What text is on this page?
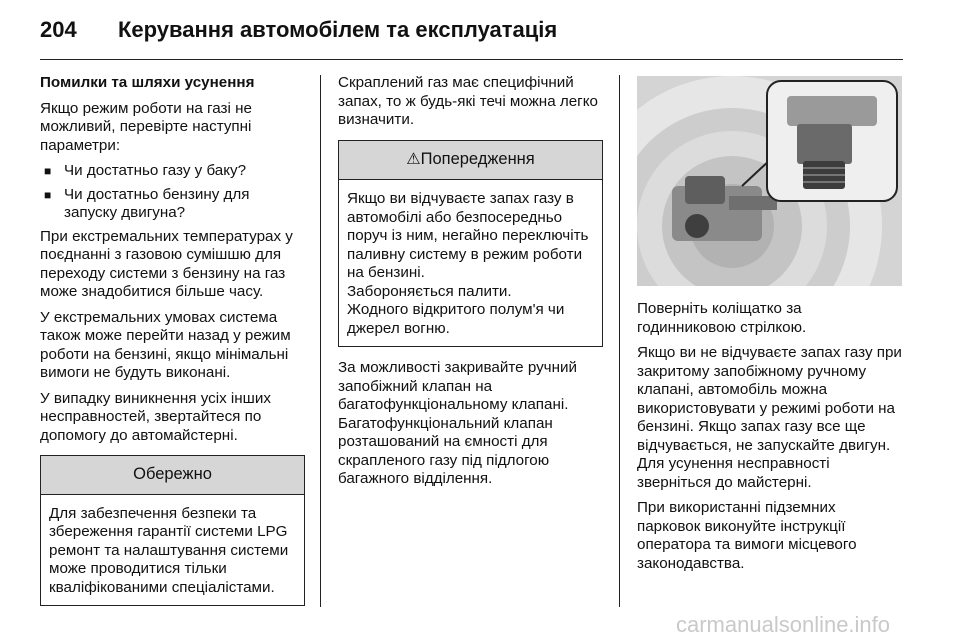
204	Керування автомобілем та експлуатація

Помилки та шляхи усунення

Якщо режим роботи на газі не можливий, перевірте наступні параметри:

■ Чи достатньо газу у баку?
■ Чи достатньо бензину для запуску двигуна?

При екстремальних температурах у поєднанні з газовою сумішшю для переходу системи з бензину на газ може знадобитися більше часу.

У екстремальних умовах система також може перейти назад у режим роботи на бензині, якщо мінімальні вимоги не будуть виконані.

У випадку виникнення усіх інших несправностей, звертайтеся по допомогу до автомайстерні.

Обережно

Для забезпечення безпеки та збереження гарантії системи LPG ремонт та налаштування системи може проводитися тільки кваліфікованими спеціалістами.

Скраплений газ має специфічний запах, то ж будь-які течі можна легко визначити.

⚠Попередження

Якщо ви відчуваєте запах газу в автомобілі або безпосередньо поруч із ним, негайно переключіть паливну систему в режим роботи на бензині.

Забороняється палити.

Жодного відкритого полум'я чи джерел вогню.

За можливості закривайте ручний запобіжний клапан на багатофункціональному клапані. Багатофункціональний клапан розташований на ємності для скрапленого газу під підлогою багажного відділення.

Поверніть коліщатко за годинниковою стрілкою.

Якщо ви не відчуваєте запах газу при закритому запобіжному ручному клапані, автомобіль можна використовувати у режимі роботи на бензині. Якщо запах газу все ще відчувається, не запускайте двигун. Для усунення несправності зверніться до майстерні.

При використанні підземних парковок виконуйте інструкції оператора та вимоги місцевого законодавства.

carmanualsonline.info
